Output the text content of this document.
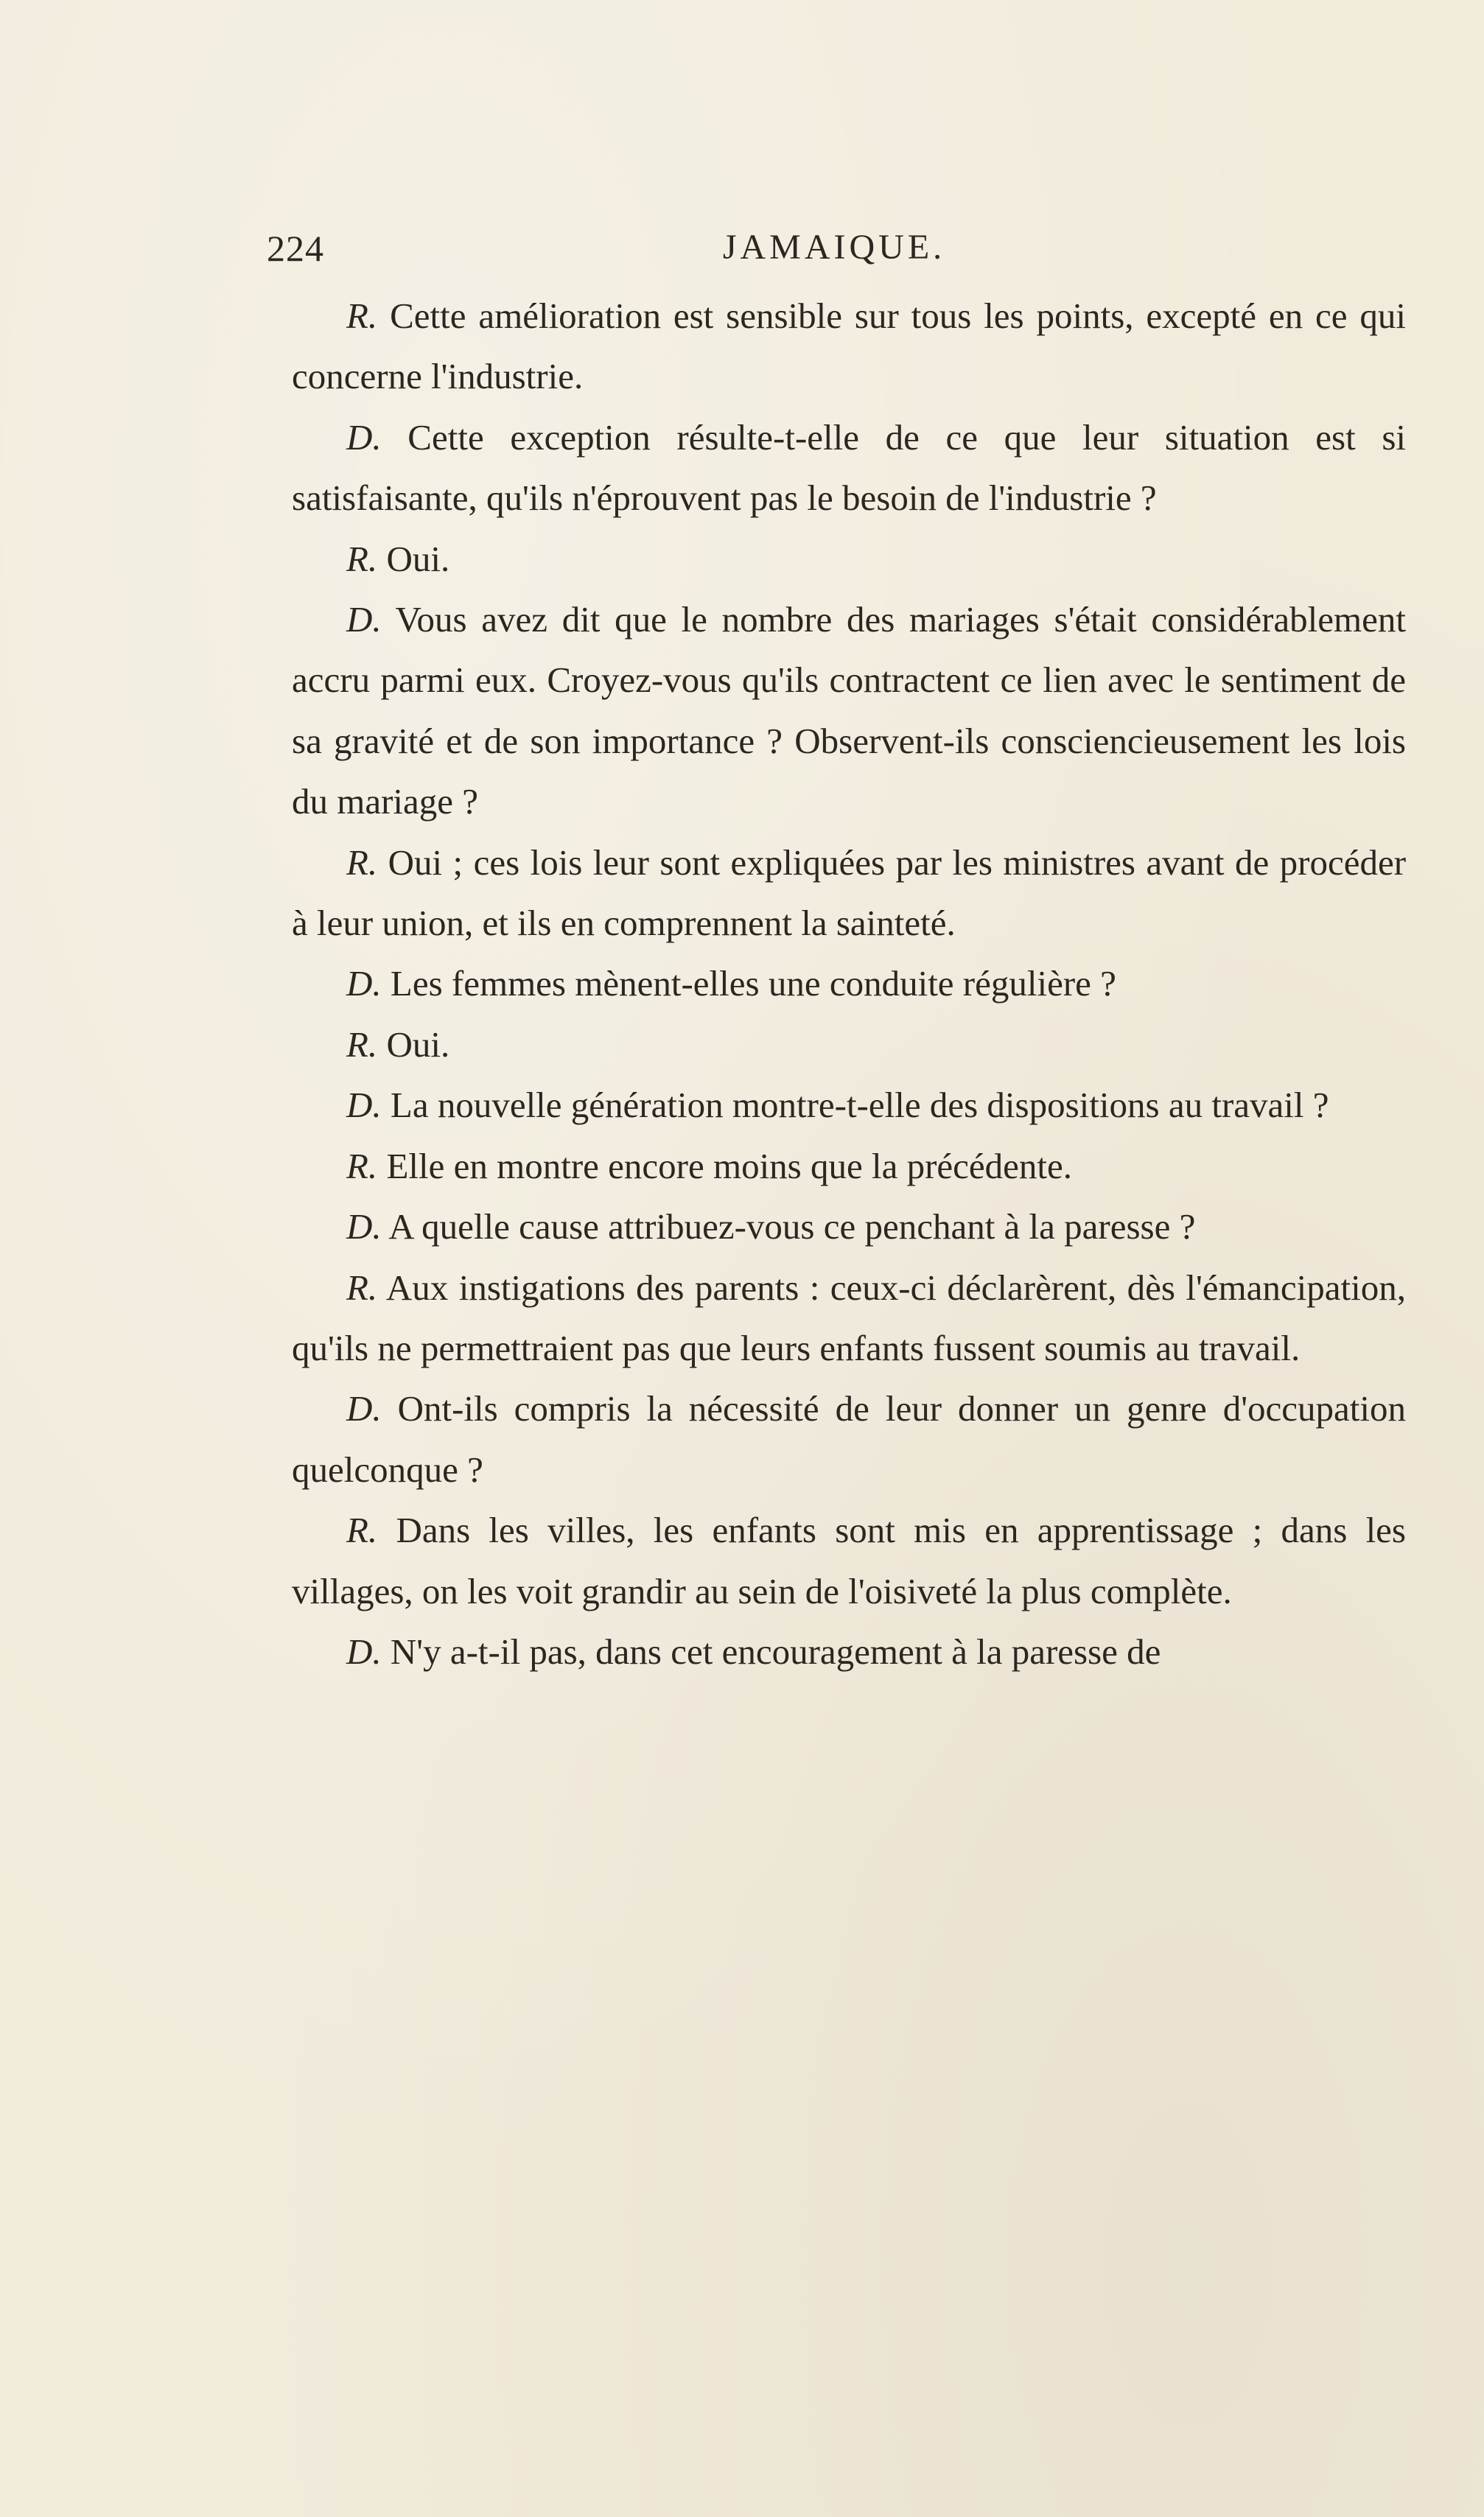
224	JAMAIQUE.

R. Cette amélioration est sensible sur tous les points, excepté en ce qui concerne l'industrie.

D. Cette exception résulte-t-elle de ce que leur situation est si satisfaisante, qu'ils n'éprouvent pas le besoin de l'industrie ?

R. Oui.

D. Vous avez dit que le nombre des mariages s'était considérablement accru parmi eux. Croyez-vous qu'ils contractent ce lien avec le sentiment de sa gravité et de son importance ? Observent-ils consciencieusement les lois du mariage ?

R. Oui ; ces lois leur sont expliquées par les ministres avant de procéder à leur union, et ils en comprennent la sainteté.

D. Les femmes mènent-elles une conduite régulière ?

R. Oui.

D. La nouvelle génération montre-t-elle des dispositions au travail ?

R. Elle en montre encore moins que la précédente.

D. A quelle cause attribuez-vous ce penchant à la paresse ?

R. Aux instigations des parents : ceux-ci déclarèrent, dès l'émancipation, qu'ils ne permettraient pas que leurs enfants fussent soumis au travail.

D. Ont-ils compris la nécessité de leur donner un genre d'occupation quelconque ?

R. Dans les villes, les enfants sont mis en apprentissage ; dans les villages, on les voit grandir au sein de l'oisiveté la plus complète.

D. N'y a-t-il pas, dans cet encouragement à la paresse de
